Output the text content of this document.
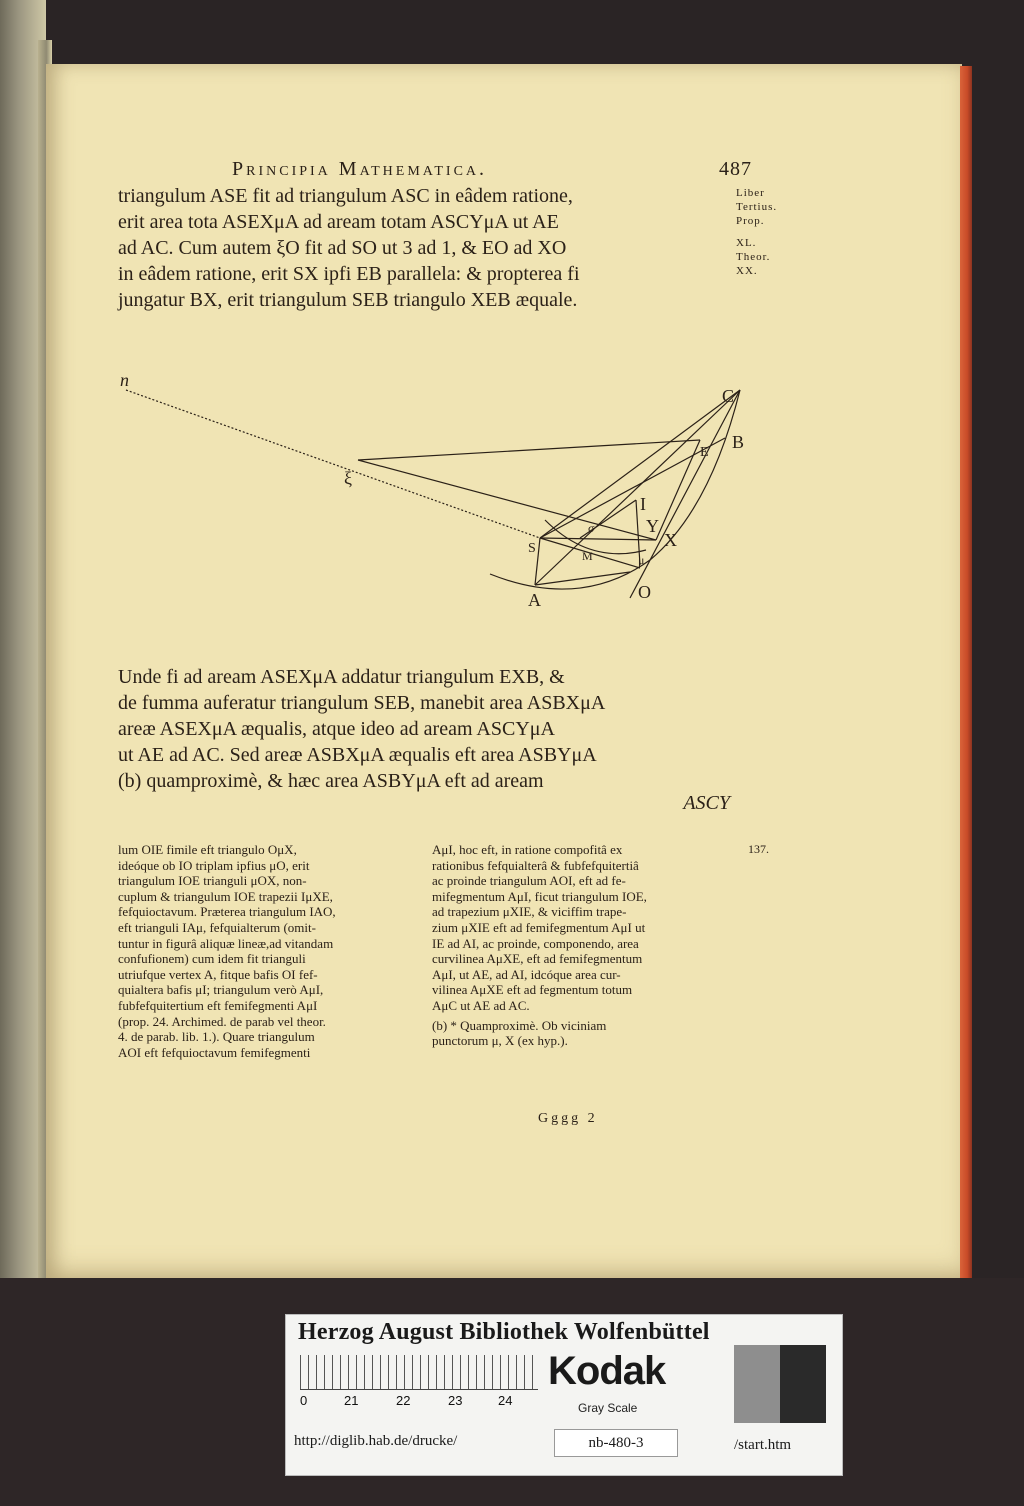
Principia Mathematica.	487
Liber
Tertius.
Prop.
XL.
Theor.
XX.
triangulum ASE fit ad triangulum ASC in eâdem ratione,
erit area tota ASEXμA ad aream totam ASCYμA ut AE
ad AC. Cum autem ξO fit ad SO ut 3 ad 1, & EO ad XO
in eâdem ratione, erit SX ipfi EB parallela: & propterea fi
jungatur BX, erit triangulum SEB triangulo XEB æquale.
n
C
B
E
ξ
I
Y
X
S	M
σ
μ
A	O
Unde fi ad aream ASEXμA addatur triangulum EXB, &
de fumma auferatur triangulum SEB, manebit area ASBXμA
areæ ASEXμA æqualis, atque ideo ad aream ASCYμA
ut AE ad AC. Sed areæ ASBXμA æqualis eft area ASBYμA
(b) quamproximè, & hæc area ASBYμA eft ad aream
ASCY
lum OIE fimile eft triangulo OμX,
ideóque ob IO triplam ipfius μO, erit
triangulum IOE trianguli μOX, non-
cuplum & triangulum IOE trapezii IμXE,
fefquioctavum. Præterea triangulum IAO,
eft trianguli IAμ, fefquialterum (omit-
tuntur in figurâ aliquæ lineæ,ad vitandam
confufionem) cum idem fit trianguli
utriufque vertex A, fitque bafis OI fef-
quialtera bafis μI; triangulum verò AμI,
fubfefquitertium eft femifegmenti AμI
(prop. 24. Archimed. de parab vel theor.
4. de parab. lib. 1.). Quare triangulum
AOI eft fefquioctavum femifegmenti
AμI, hoc eft, in ratione compofitâ ex
rationibus fefquialterâ & fubfefquitertiâ
ac proinde triangulum AOI, eft ad fe-
mifegmentum AμI, ficut triangulum IOE,
ad trapezium μXIE, & viciffim trape-
zium μXIE eft ad femifegmentum AμI ut
IE ad AI, ac proinde, componendo, area
curvilinea AμXE, eft ad femifegmentum
AμI, ut AE, ad AI, idcóque area cur-
vilinea AμXE eft ad fegmentum totum
AμC ut AE ad AC.
(b) * Quamproximè. Ob viciniam
punctorum μ, X (ex hyp.).
137.
Gggg 2
Herzog August Bibliothek Wolfenbüttel
0	21	22	23	24
Kodak
Gray Scale
http://diglib.hab.de/drucke/	nb-480-3	/start.htm
